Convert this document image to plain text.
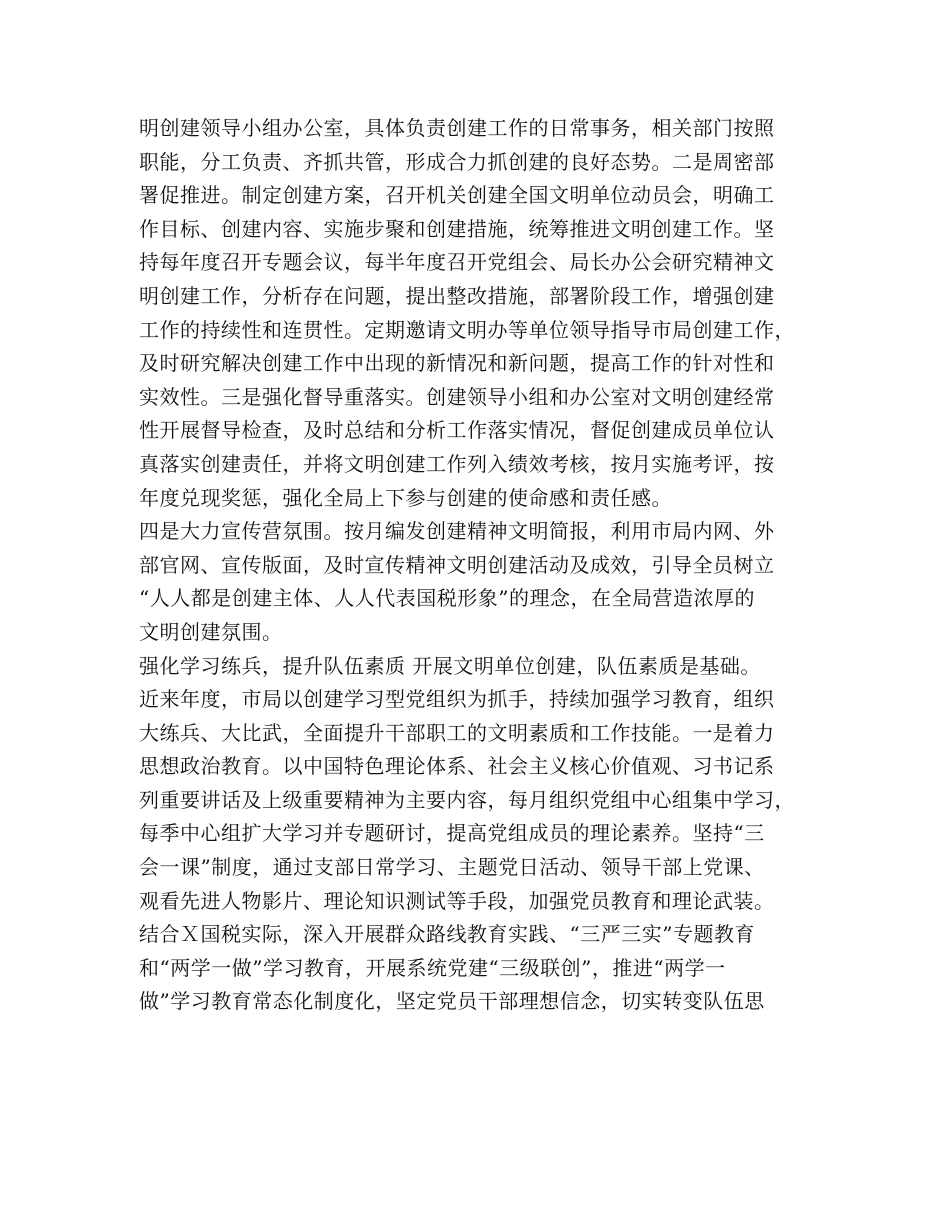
明创建领导小组办公室，具体负责创建工作的日常事务，相关部门按照
职能，分工负责、齐抓共管，形成合力抓创建的良好态势。二是周密部
署促推进。制定创建方案，召开机关创建全国文明单位动员会，明确工
作目标、创建内容、实施步聚和创建措施，统筹推进文明创建工作。坚
持每年度召开专题会议，每半年度召开党组会、局长办公会研究精神文
明创建工作，分析存在问题，提出整改措施，部署阶段工作，增强创建
工作的持续性和连贯性。定期邀请文明办等单位领导指导市局创建工作，
及时研究解决创建工作中出现的新情况和新问题，提高工作的针对性和
实效性。三是强化督导重落实。创建领导小组和办公室对文明创建经常
性开展督导检查，及时总结和分析工作落实情况，督促创建成员单位认
真落实创建责任，并将文明创建工作列入绩效考核，按月实施考评，按
年度兑现奖惩，强化全局上下参与创建的使命感和责任感。
四是大力宣传营氛围。按月编发创建精神文明简报，利用市局内网、外
部官网、宣传版面，及时宣传精神文明创建活动及成效，引导全员树立
“人人都是创建主体、人人代表国税形象”的理念，在全局营造浓厚的
文明创建氛围。
强化学习练兵，提升队伍素质 开展文明单位创建，队伍素质是基础。
近来年度，市局以创建学习型党组织为抓手，持续加强学习教育，组织
大练兵、大比武，全面提升干部职工的文明素质和工作技能。一是着力
思想政治教育。以中国特色理论体系、社会主义核心价值观、习书记系
列重要讲话及上级重要精神为主要内容，每月组织党组中心组集中学习，
每季中心组扩大学习并专题研讨，提高党组成员的理论素养。坚持“三
会一课”制度，通过支部日常学习、主题党日活动、领导干部上党课、
观看先进人物影片、理论知识测试等手段，加强党员教育和理论武装。
结合Ｘ国税实际，深入开展群众路线教育实践、“三严三实”专题教育
和“两学一做”学习教育，开展系统党建“三级联创”，推进“两学一
做”学习教育常态化制度化，坚定党员干部理想信念，切实转变队伍思
